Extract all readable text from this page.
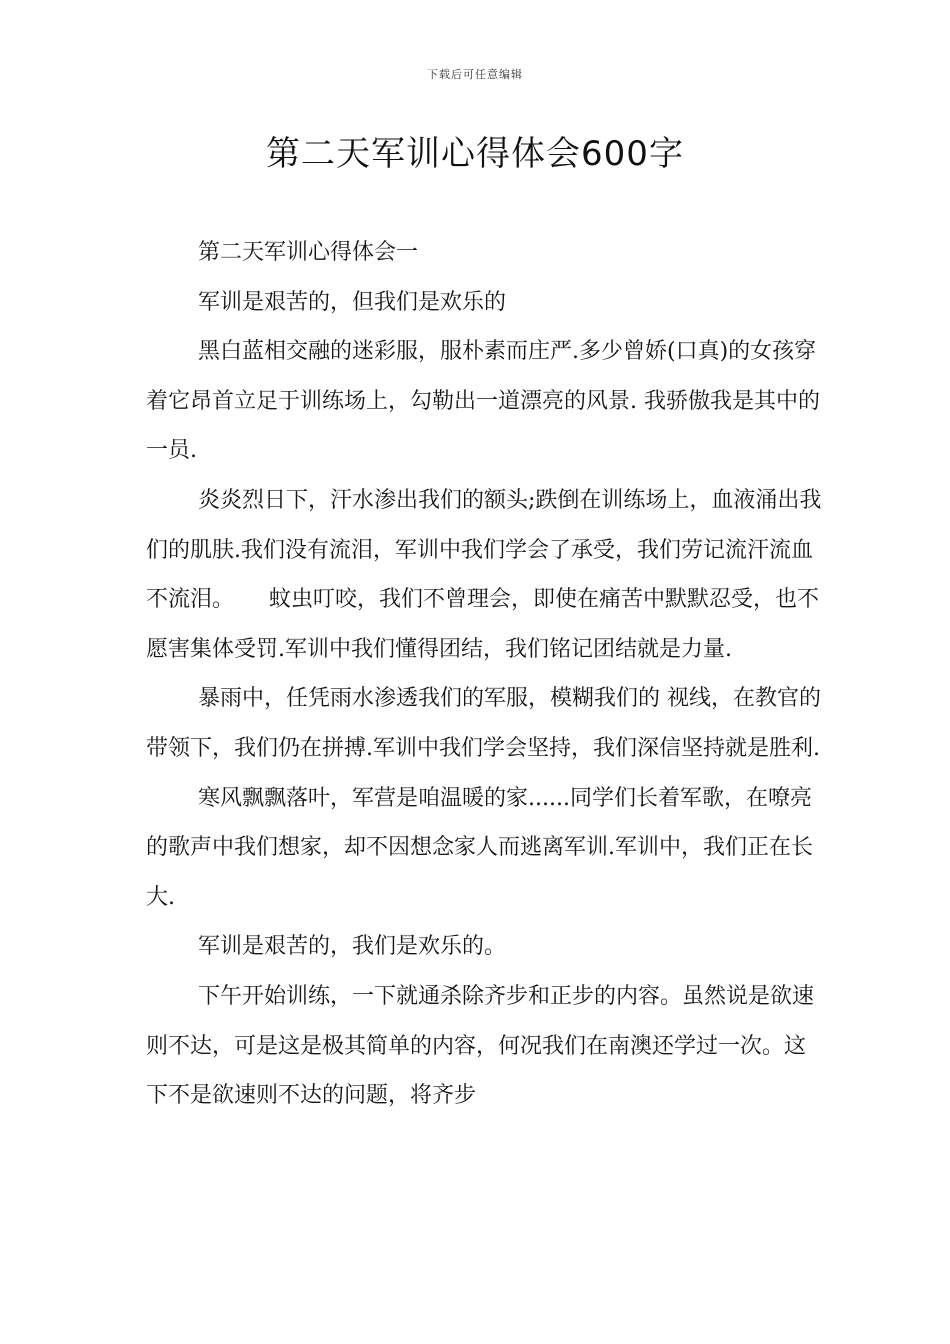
下载后可任意编辑
第二天军训心得体会600字

第二天军训心得体会一

军训是艰苦的，但我们是欢乐的

黑白蓝相交融的迷彩服，服朴素而庄严.多少曾娇(口真)的女孩穿着它昂首立足于训练场上，勾勒出一道漂亮的风景. 我骄傲我是其中的一员.

炎炎烈日下，汗水渗出我们的额头;跌倒在训练场上，血液涌出我们的肌肤.我们没有流泪，军训中我们学会了承受，我们劳记流汗流血不流泪。     蚊虫叮咬，我们不曾理会，即使在痛苦中默默忍受，也不愿害集体受罚.军训中我们懂得团结，我们铭记团结就是力量.

暴雨中，任凭雨水渗透我们的军服，模糊我们的 视线，在教官的带领下，我们仍在拼搏.军训中我们学会坚持，我们深信坚持就是胜利.

寒风飘飘落叶，军营是咱温暖的家......同学们长着军歌，在嘹亮的歌声中我们想家，却不因想念家人而逃离军训.军训中，我们正在长大.

军训是艰苦的，我们是欢乐的。

下午开始训练，一下就通杀除齐步和正步的内容。虽然说是欲速则不达，可是这是极其简单的内容，何况我们在南澳还学过一次。这下不是欲速则不达的问题，将齐步
